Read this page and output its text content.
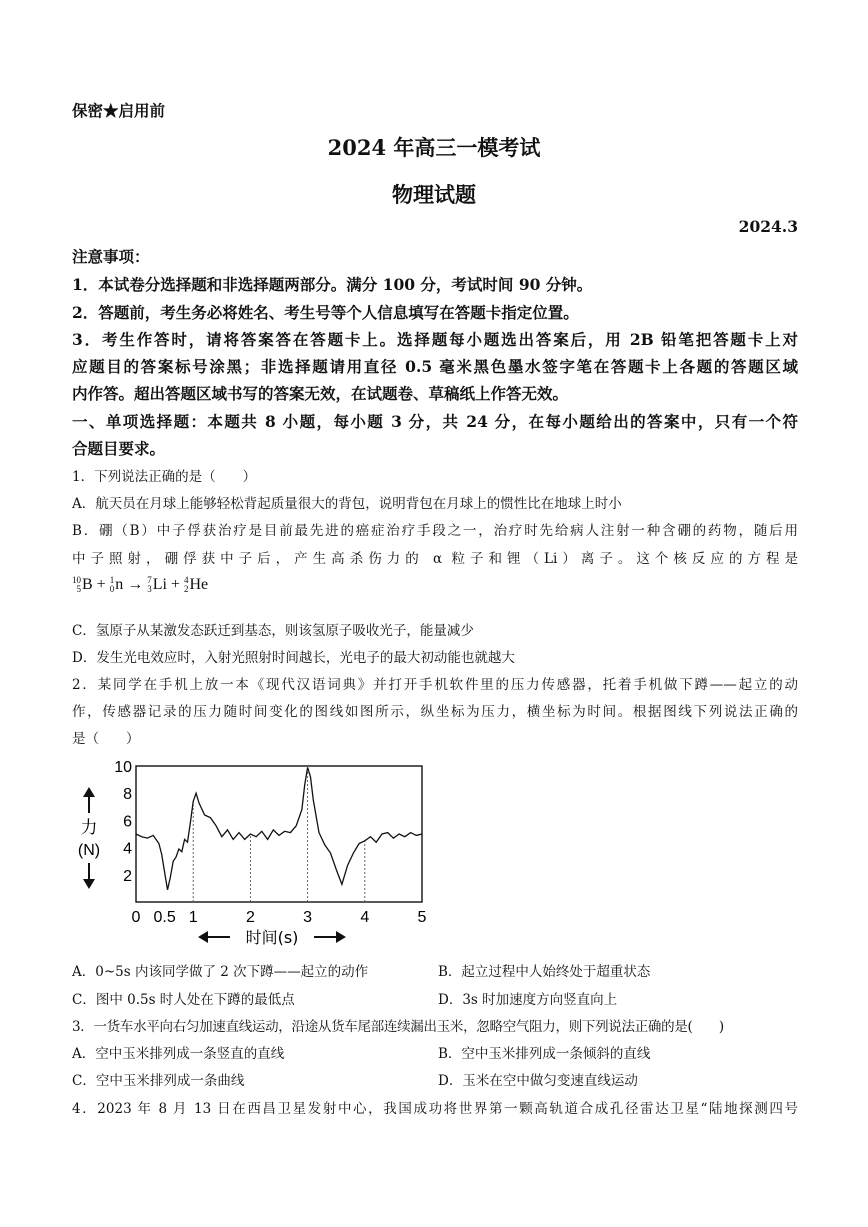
保密★启用前
2024 年高三一模考试
物理试题
2024.3
注意事项：
1．本试卷分选择题和非选择题两部分。满分 100 分，考试时间 90 分钟。
2．答题前，考生务必将姓名、考生号等个人信息填写在答题卡指定位置。
3．考生作答时，请将答案答在答题卡上。选择题每小题选出答案后，用 2B 铅笔把答题卡上对
应题目的答案标号涂黑；非选择题请用直径 0.5 毫米黑色墨水签字笔在答题卡上各题的答题区域
内作答。超出答题区域书写的答案无效，在试题卷、草稿纸上作答无效。
一、单项选择题：本题共 8 小题，每小题 3 分，共 24 分，在每小题给出的答案中，只有一个符
合题目要求。
1．下列说法正确的是（　　）
A．航天员在月球上能够轻松背起质量很大的背包，说明背包在月球上的惯性比在地球上时小
B．硼（B）中子俘获治疗是目前最先进的癌症治疗手段之一，治疗时先给病人注射一种含硼的药物，随后用
中子照射，硼俘获中子后，产生高杀伤力的 α 粒子和锂（Li）离子。这个核反应的方程是
10
5B + 1
0n → 7
3Li + 4
2He
C．氢原子从某激发态跃迁到基态，则该氢原子吸收光子，能量减少
D．发生光电效应时，入射光照射时间越长，光电子的最大初动能也就越大
2．某同学在手机上放一本《现代汉语词典》并打开手机软件里的压力传感器，托着手机做下蹲——起立的动
作，传感器记录的压力随时间变化的图线如图所示，纵坐标为压力，横坐标为时间。根据图线下列说法正确的
是（　　）
10
8
6
4
2
0 0.5 1	2	3	4	5
力
(N)
时间(s)
A．0~5s 内该同学做了 2 次下蹲——起立的动作	B．起立过程中人始终处于超重状态
C．图中 0.5s 时人处在下蹲的最低点	D．3s 时加速度方向竖直向上
3．一货车水平向右匀加速直线运动，沿途从货车尾部连续漏出玉米，忽略空气阻力，则下列说法正确的是(　　)
A．空中玉米排列成一条竖直的直线	B．空中玉米排列成一条倾斜的直线
C．空中玉米排列成一条曲线	D．玉米在空中做匀变速直线运动
4．2023 年 8 月 13 日在西昌卫星发射中心，我国成功将世界第一颗高轨道合成孔径雷达卫星“陆地探测四号
